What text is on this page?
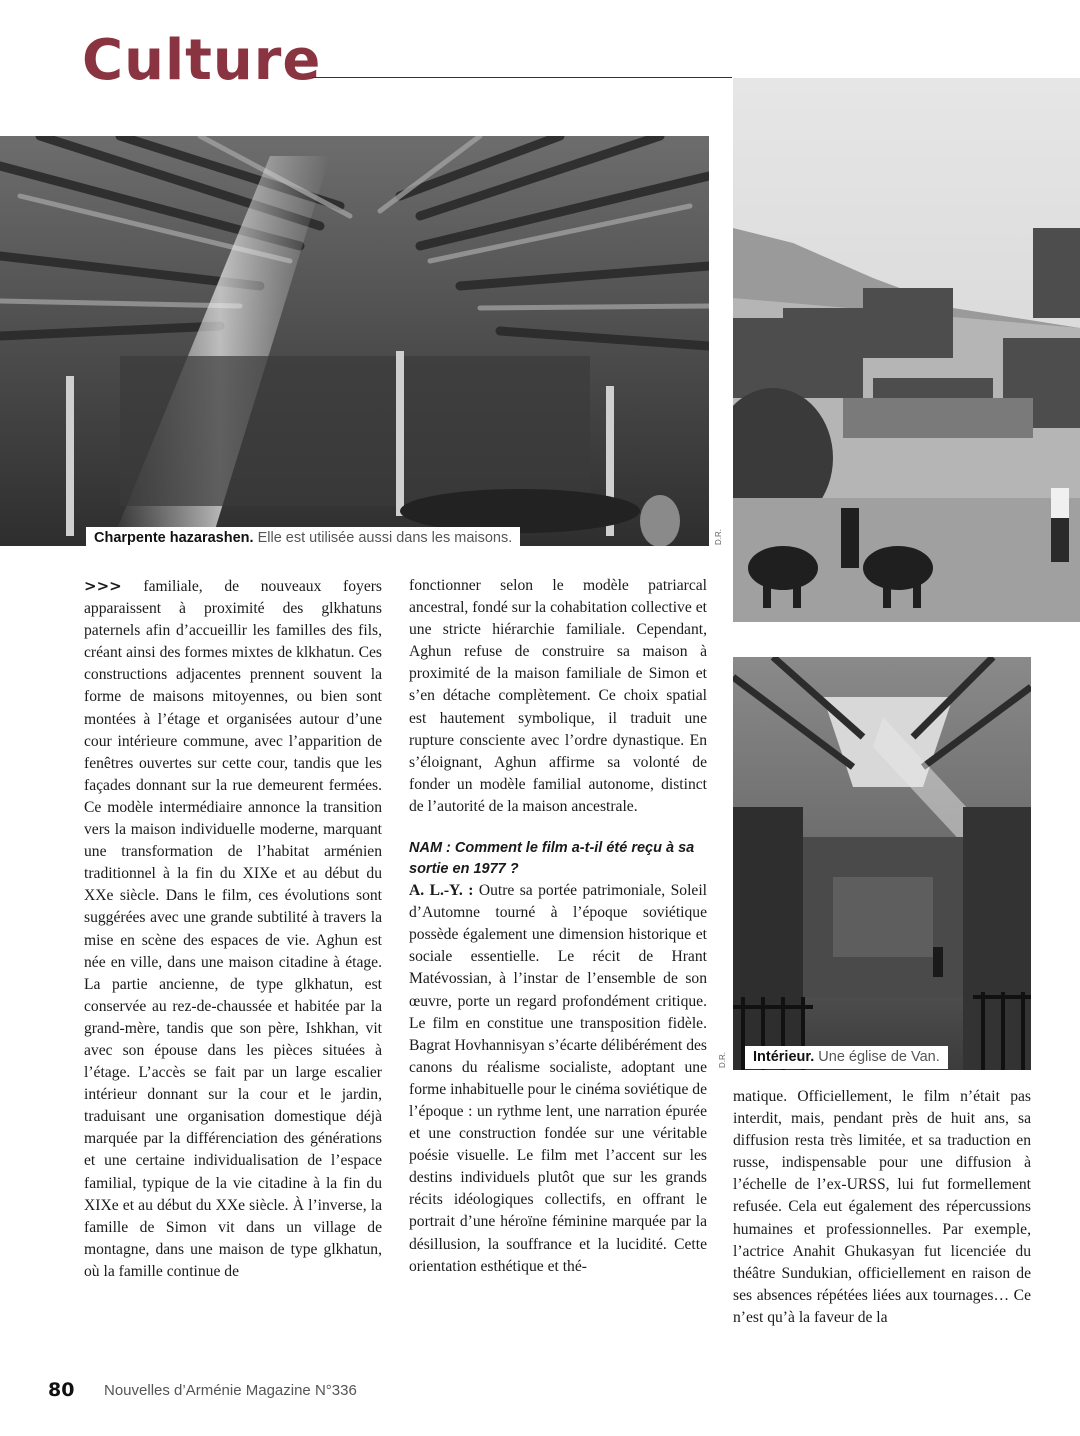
Culture
Charpente hazarashen. Elle est utilisée aussi dans les maisons.	D.R.
Intérieur. Une église de Van.
D.R.

>>> familiale, de nouveaux foyers apparaissent à proximité des glkhatuns paternels afin d’accueillir les familles des fils, créant ainsi des formes mixtes de klkhatun. Ces constructions adjacentes prennent souvent la forme de maisons mitoyennes, ou bien sont montées à l’étage et organisées autour d’une cour intérieure commune, avec l’apparition de fenêtres ouvertes sur cette cour, tandis que les façades donnant sur la rue demeurent fermées. Ce modèle intermédiaire annonce la transition vers la maison individuelle moderne, marquant une transformation de l’habitat arménien traditionnel à la fin du XIXe et au début du XXe siècle. Dans le film, ces évolutions sont suggérées avec une grande subtilité à travers la mise en scène des espaces de vie. Aghun est née en ville, dans une maison citadine à étage. La partie ancienne, de type glkhatun, est conservée au rez-de-chaussée et habitée par la grand-mère, tandis que son père, Ishkhan, vit avec son épouse dans les pièces situées à l’étage. L’accès se fait par un large escalier intérieur donnant sur la cour et le jardin, traduisant une organisation domestique déjà marquée par la différenciation des générations et une certaine individualisation de l’espace familial, typique de la vie citadine à la fin du XIXe et au début du XXe siècle. À l’inverse, la famille de Simon vit dans un village de montagne, dans une maison de type glkhatun, où la famille continue de

fonctionner selon le modèle patriarcal ancestral, fondé sur la cohabitation collective et une stricte hiérarchie familiale. Cependant, Aghun refuse de construire sa maison à proximité de la maison familiale de Simon et s’en détache complètement. Ce choix spatial est hautement symbolique, il traduit une rupture consciente avec l’ordre dynastique. En s’éloignant, Aghun affirme sa volonté de fonder un modèle familial autonome, distinct de l’autorité de la maison ancestrale.

NAM : Comment le film a-t-il été reçu à sa sortie en 1977 ?

A. L.-Y. : Outre sa portée patrimoniale, Soleil d’Automne tourné à l’époque soviétique possède également une dimension historique et sociale essentielle. Le récit de Hrant Matévossian, à l’instar de l’ensemble de son œuvre, porte un regard profondément critique. Le film en constitue une transposition fidèle. Bagrat Hovhannisyan s’écarte délibérément des canons du réalisme socialiste, adoptant une forme inhabituelle pour le cinéma soviétique de l’époque : un rythme lent, une narration épurée et une construction fondée sur une véritable poésie visuelle. Le film met l’accent sur les destins individuels plutôt que sur les grands récits idéologiques collectifs, en offrant le portrait d’une héroïne féminine marquée par la désillusion, la souffrance et la lucidité. Cette orientation esthétique et thé-

matique. Officiellement, le film n’était pas interdit, mais, pendant près de huit ans, sa diffusion resta très limitée, et sa traduction en russe, indispensable pour une diffusion à l’échelle de l’ex-URSS, lui fut formellement refusée. Cela eut également des répercussions humaines et professionnelles. Par exemple, l’actrice Anahit Ghukasyan fut licenciée du théâtre Sundukian, officiellement en raison de ses absences répétées liées aux tournages… Ce n’est qu’à la faveur de la

80 Nouvelles d’Arménie Magazine N°336
